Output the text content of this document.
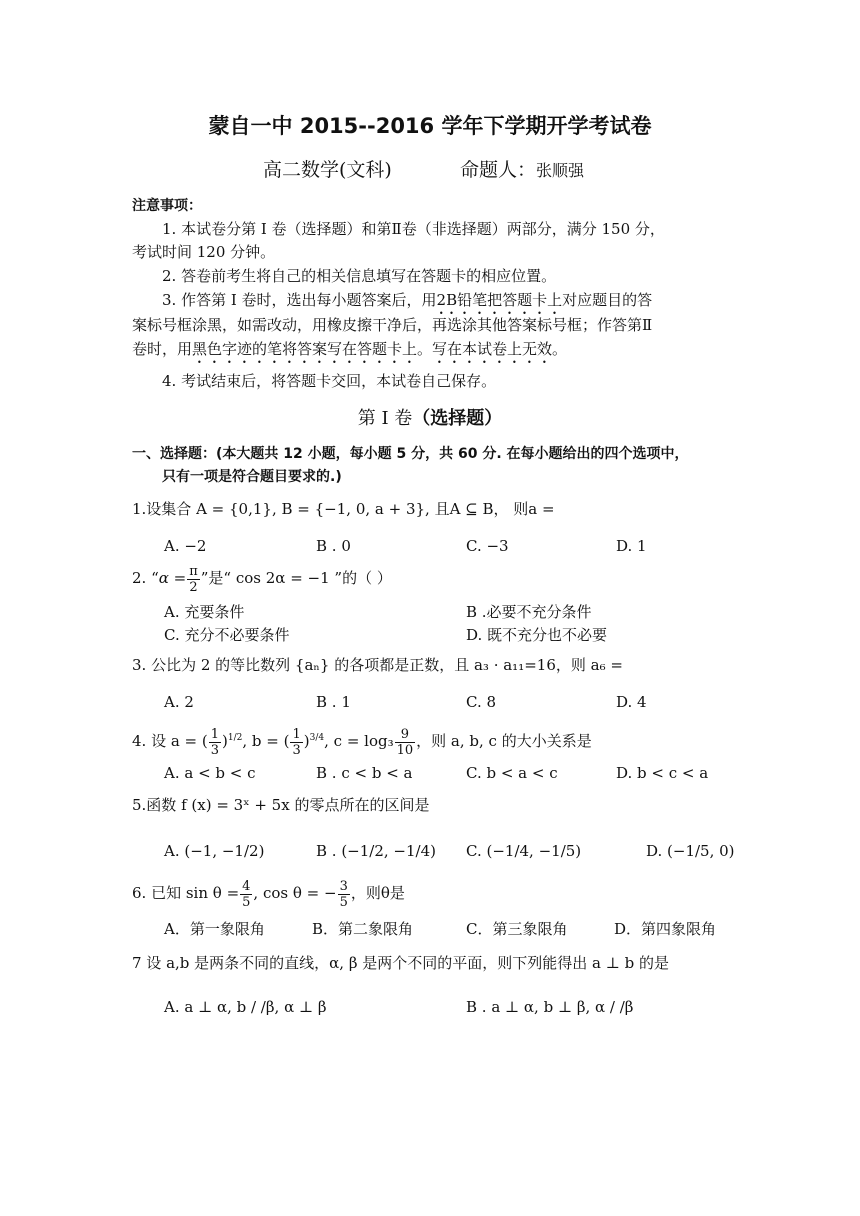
蒙自一中 2015--2016 学年下学期开学考试卷
高二数学(文科)	命题人：张顺强
注意事项：
1. 本试卷分第 I 卷（选择题）和第Ⅱ卷（非选择题）两部分，满分 150 分，
考试时间 120 分钟。
2. 答卷前考生将自己的相关信息填写在答题卡的相应位置。
3. 作答第 I 卷时，选出每小题答案后，用2B铅笔把答题卡上对应题目的答
案标号框涂黑，如需改动，用橡皮擦干净后，再选涂其他答案标号框；作答第Ⅱ
卷时，用黑色字迹的笔将答案写在答题卡上。写在本试卷上无效。
4. 考试结束后，将答题卡交回，本试卷自己保存。
第 I 卷（选择题）
一、选择题：(本大题共 12 小题，每小题 5 分，共 60 分. 在每小题给出的四个选项中，
只有一项是符合题目要求的.)
1.设集合 A = {0,1}, B = {−1, 0, a + 3}, 且A ⊆ B， 则a =
A. −2	B . 0	C. −3	D. 1
2. “$\alpha = \frac{\pi}{2}$ ”是“ cos 2α = −1 ”的（ ）
A. 充要条件	B .必要不充分条件
C. 充分不必要条件	D. 既不充分也不必要
3. 公比为 2 的等比数列 {aₙ} 的各项都是正数，且 a₃ · a₁₁=16，则 a₆ =
A. 2	B . 1	C. 8	D. 4
4. 设 a = ( $\frac{1}{3} )^{1/2}$, b = ( $\frac{1}{3} )^{3/4}$, $c = \log_3 \frac{9}{10}$ ，则 a, b, c 的大小关系是
A. a < b < c	B . c < b < a	C. b < a < c	D. b < c < a
5.函数 f (x) = 3ˣ + 5x 的零点所在的区间是
A. (−1, −1/2)	B . (−1/2, −1/4) C. (−1/4, −1/5)	D. (−1/5, 0)
6. 已知 $\sin \theta = \frac{4}{5}$ , cos θ = − $\frac{3}{5}$ ，则θ是
A．第一象限角	B．第二象限角	C．第三象限角	D．第四象限角
7 设 a,b 是两条不同的直线，α, β 是两个不同的平面，则下列能得出 a ⊥ b 的是
A. a ⊥ α, b / /β, α ⊥ β	B . a ⊥ α, b ⊥ β, α / /β
